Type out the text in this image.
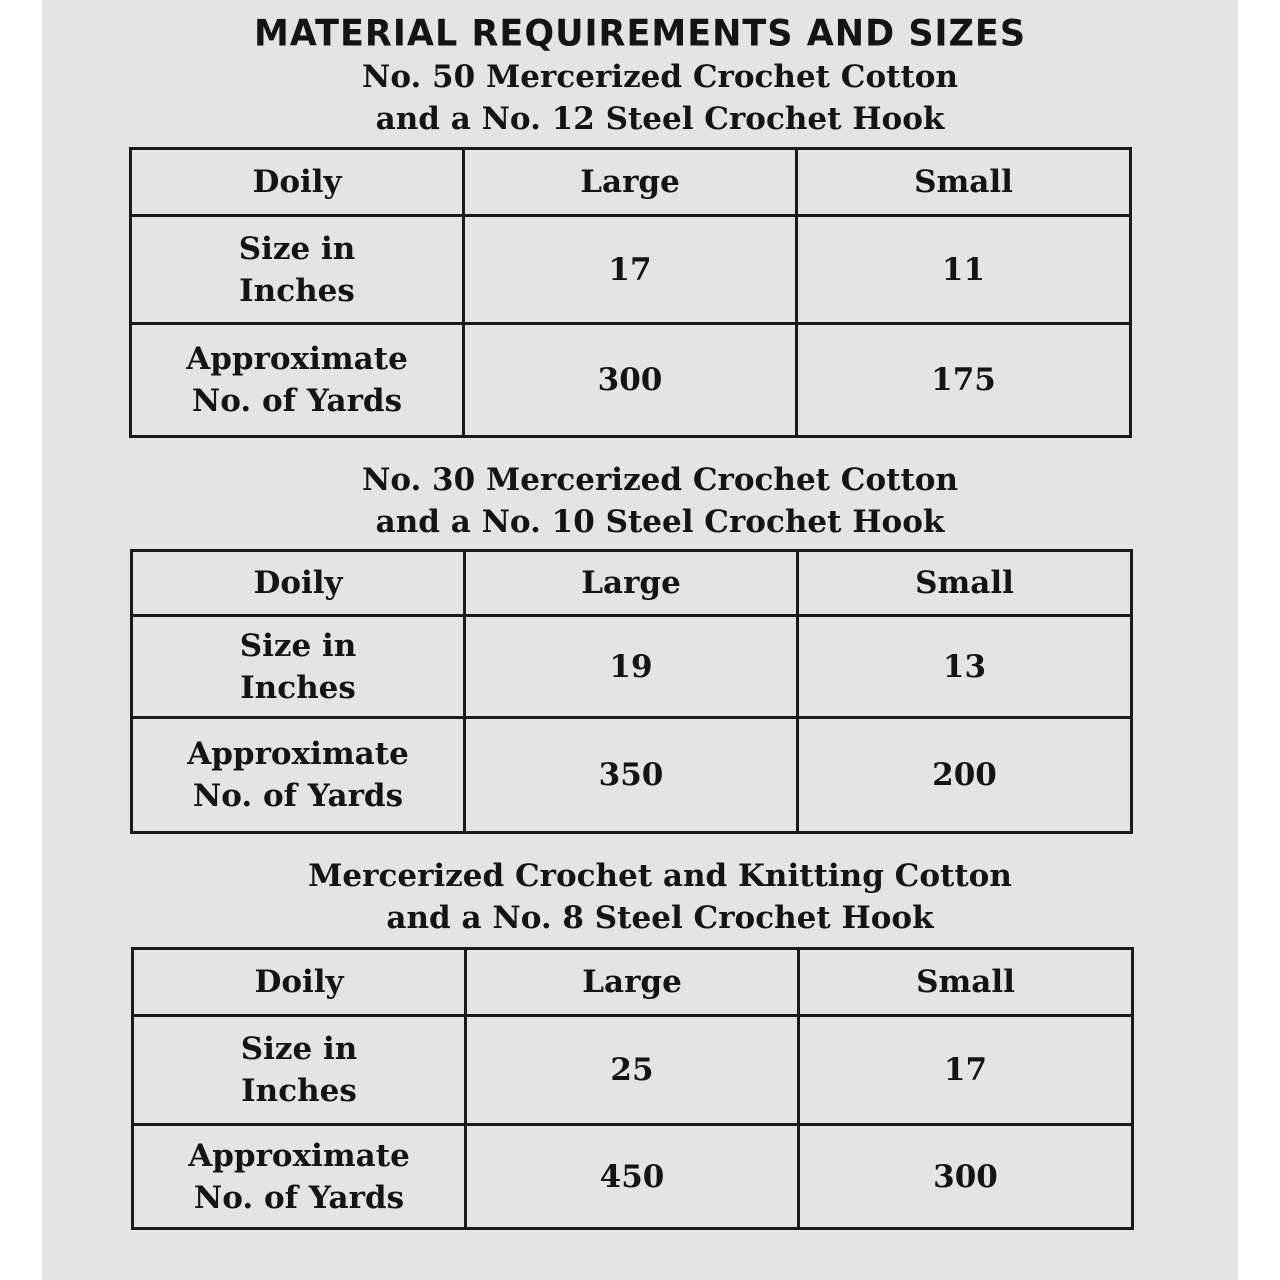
MATERIAL REQUIREMENTS AND SIZES
No. 50 Mercerized Crochet Cotton
and a No. 12 Steel Crochet Hook
Doily	Large	Small

Size in
Inches	17	11

Approximate
No. of Yards	300	175
No. 30 Mercerized Crochet Cotton
and a No. 10 Steel Crochet Hook
Doily	Large	Small

Size in
Inches	19	13

Approximate
No. of Yards	350	200
Mercerized Crochet and Knitting Cotton
and a No. 8 Steel Crochet Hook
Doily	Large	Small

Size in
Inches	25	17

Approximate
No. of Yards	450	300
